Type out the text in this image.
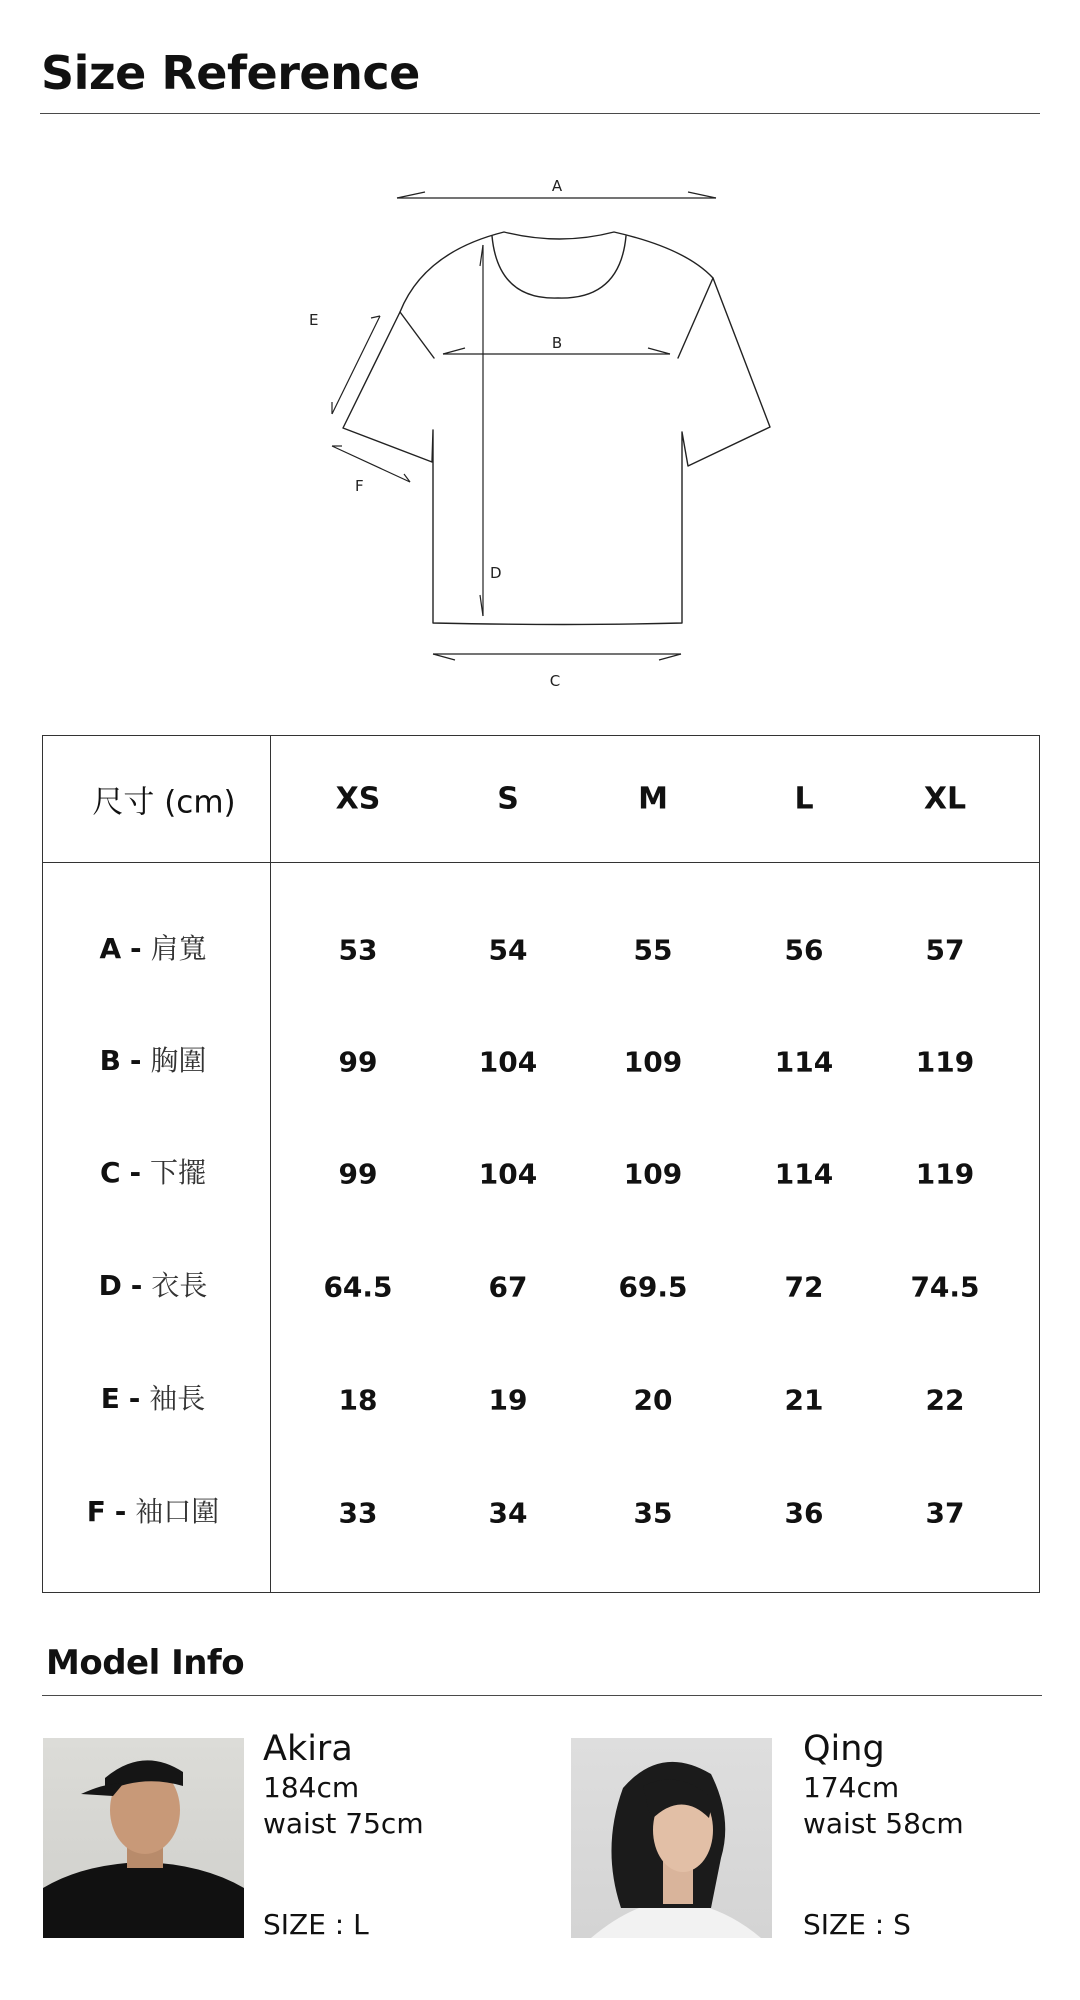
Size Reference
A
B
C
D
E
F
尺寸 (cm)	XS	S	M	L	XL
A - 肩寬	53	54	55	56	57
B - 胸圍	99	104	109	114	119
C - 下擺	99	104	109	114	119
D - 衣長	64.5	67	69.5	72	74.5
E - 袖長	18	19	20	21	22
F - 袖口圍	33	34	35	36	37
Model Info
Akira
184cm
waist 75cm
SIZE : L
Qing
174cm
waist 58cm
SIZE : S
